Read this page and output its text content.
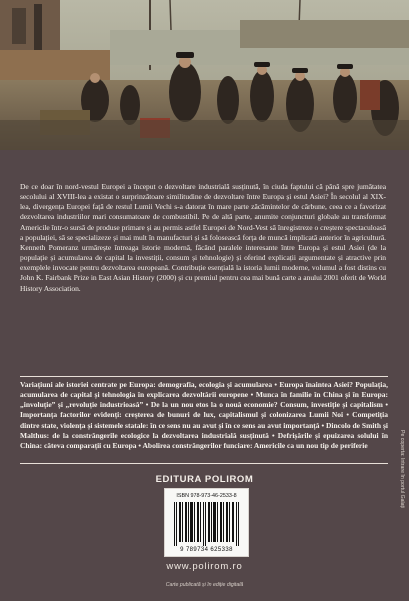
De ce doar în nord-vestul Europei a început o dezvoltare industrială susținută, în ciuda faptului că până spre jumătatea secolului al XVIII-lea a existat o surprinzătoare similitudine de dezvoltare între Europa și estul Asiei? În secolul al XIX-lea, divergența Europei față de restul Lumii Vechi s-a datorat în mare parte zăcămintelor de cărbune, ceea ce a favorizat dezvoltarea industriilor mari consumatoare de combustibil. Pe de altă parte, anumite conjuncturi globale au transformat Americile într-o sursă de produse primare și au permis astfel Europei de Nord-Vest să înregistreze o creștere spectaculoasă a populației, să se specializeze și mai mult în manufacturi și să folosească forța de muncă implicată anterior în agricultură. Kenneth Pomeranz urmărește întreaga istorie modernă, făcând paralele interesante între Europa și estul Asiei (de la populație și acumularea de capital la investiții, consum și tehnologie) și oferind explicații argumentate și atractive prin exemplele invocate pentru dezvoltarea europeană. Contribuție esențială la istoria lumii moderne, volumul a fost distins cu John K. Fairbank Prize in East Asian History (2000) și cu premiul pentru cea mai bună carte a anului 2001 oferit de World History Association.

Variațiuni ale istoriei centrate pe Europa: demografia, ecologia și acumularea • Europa înaintea Asiei? Populația, acumularea de capital și tehnologia în explicarea dezvoltării europene • Munca în familie în China și în Europa: „involuție” și „revoluție industrioasă” • De la un nou etos la o nouă economie? Consum, investiție și capitalism • Importanța factorilor evidenți: creșterea de bunuri de lux, capitalismul și colonizarea Lumii Noi • Competiția dintre state, violența și sistemele statale: în ce sens nu au avut și în ce sens au avut importanță • Dincolo de Smith și Malthus: de la constrângerile ecologice la dezvoltarea industrială susținută • Defrișările și epuizarea solului în China: câteva comparații cu Europa • Abolirea constrângerilor funciare: Americile ca un nou tip de periferie
EDITURA POLIROM
ISBN 978-973-46-2533-8
9 789734 625338
www.polirom.ro
Carte publicată și în ediție digitală
Pe coperta: Intrare în portul Galați
